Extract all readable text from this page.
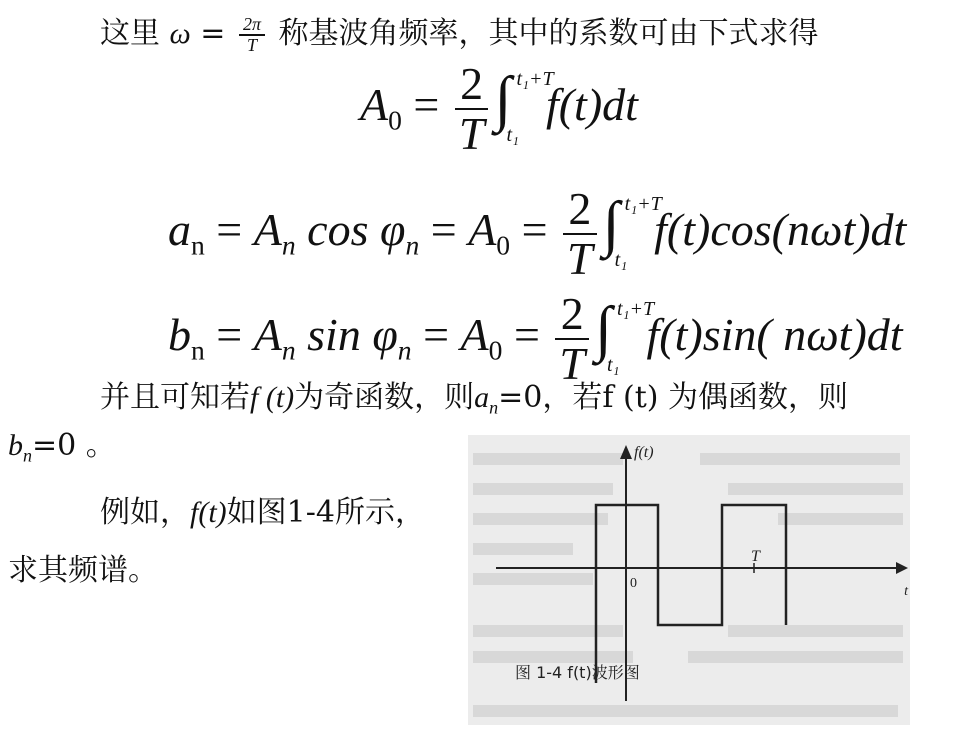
这里 $\omega = \frac{2\pi}{T}$ 称基波角频率，其中的系数可由下式求得
$A_0 = \frac{2}{T}$ ∫ t₁+T
t₁
f(t)dt
$a_n = A_n$ $\cos \varphi_n = A_0 = \frac{2}{T}$ ∫ t₁+T
t₁
f(t)cos(nωt)dt
$b_n = A_n$ $\sin \varphi_n = A_0 = \frac{2}{T}$ ∫ t₁+T
t₁
f(t)sin( nωt)dt
并且可知若f (t)为奇函数，则$a_n=0$，若f (t) 为偶函数，则
$b_n=0$ 。
例如，f(t)如图1-4所示，
求其频谱。
f(t)
t
0
T
图 1-4 f(t)波形图
